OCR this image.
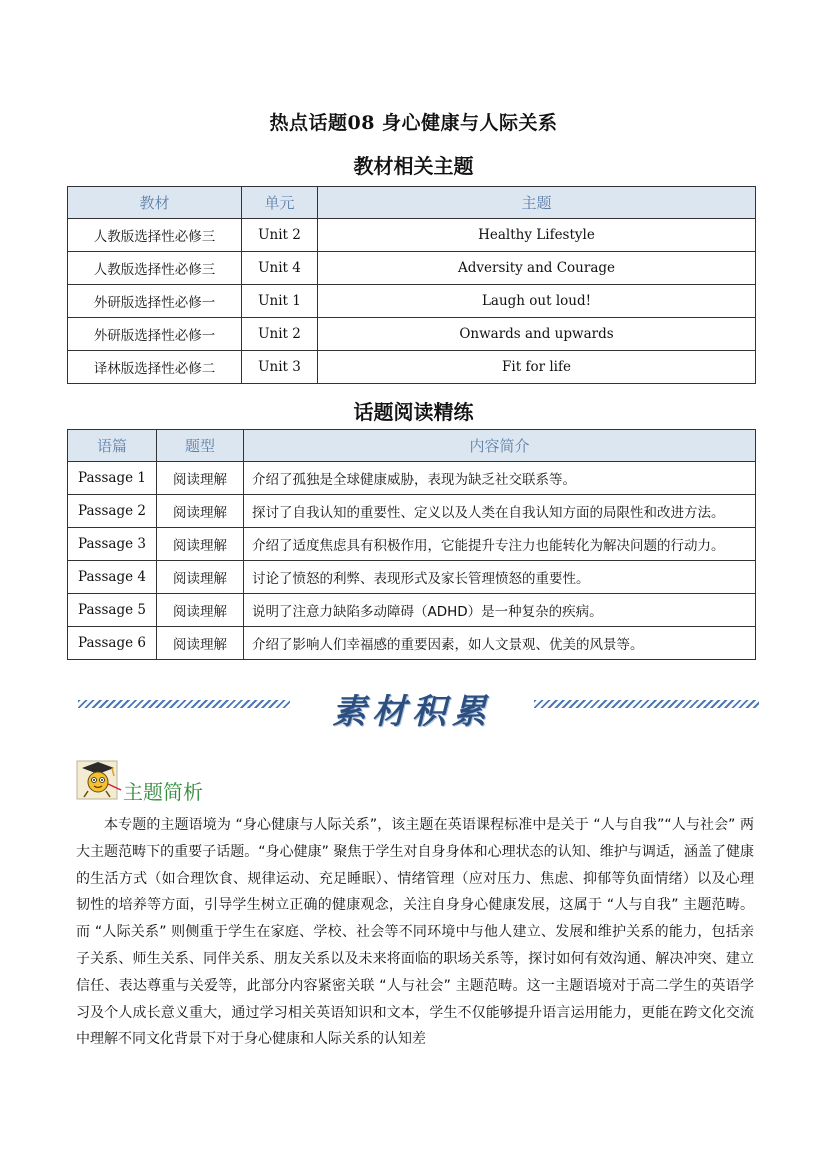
热点话题08 身心健康与人际关系
教材相关主题
教材	单元	主题
人教版选择性必修三	Unit 2	Healthy Lifestyle
人教版选择性必修三	Unit 4	Adversity and Courage
外研版选择性必修一	Unit 1	Laugh out loud!
外研版选择性必修一	Unit 2	Onwards and upwards
译林版选择性必修二	Unit 3	Fit for life
话题阅读精练
语篇	题型	内容简介
Passage 1	阅读理解	介绍了孤独是全球健康威胁，表现为缺乏社交联系等。
Passage 2	阅读理解	探讨了自我认知的重要性、定义以及人类在自我认知方面的局限性和改进方法。
Passage 3	阅读理解	介绍了适度焦虑具有积极作用，它能提升专注力也能转化为解决问题的行动力。
Passage 4	阅读理解	讨论了愤怒的利弊、表现形式及家长管理愤怒的重要性。
Passage 5	阅读理解	说明了注意力缺陷多动障碍（ADHD）是一种复杂的疾病。
Passage 6	阅读理解	介绍了影响人们幸福感的重要因素，如人文景观、优美的风景等。
素材积累
主题简析
本专题的主题语境为 “身心健康与人际关系”，该主题在英语课程标准中是关于 “人与自我”“人与社会” 两大主题范畴下的重要子话题。“身心健康” 聚焦于学生对自身身体和心理状态的认知、维护与调适，涵盖了健康的生活方式（如合理饮食、规律运动、充足睡眠）、情绪管理（应对压力、焦虑、抑郁等负面情绪）以及心理韧性的培养等方面，引导学生树立正确的健康观念，关注自身身心健康发展，这属于 “人与自我” 主题范畴。而 “人际关系” 则侧重于学生在家庭、学校、社会等不同环境中与他人建立、发展和维护关系的能力，包括亲子关系、师生关系、同伴关系、朋友关系以及未来将面临的职场关系等，探讨如何有效沟通、解决冲突、建立信任、表达尊重与关爱等，此部分内容紧密关联 “人与社会” 主题范畴。这一主题语境对于高二学生的英语学习及个人成长意义重大，通过学习相关英语知识和文本，学生不仅能够提升语言运用能力，更能在跨文化交流中理解不同文化背景下对于身心健康和人际关系的认知差
